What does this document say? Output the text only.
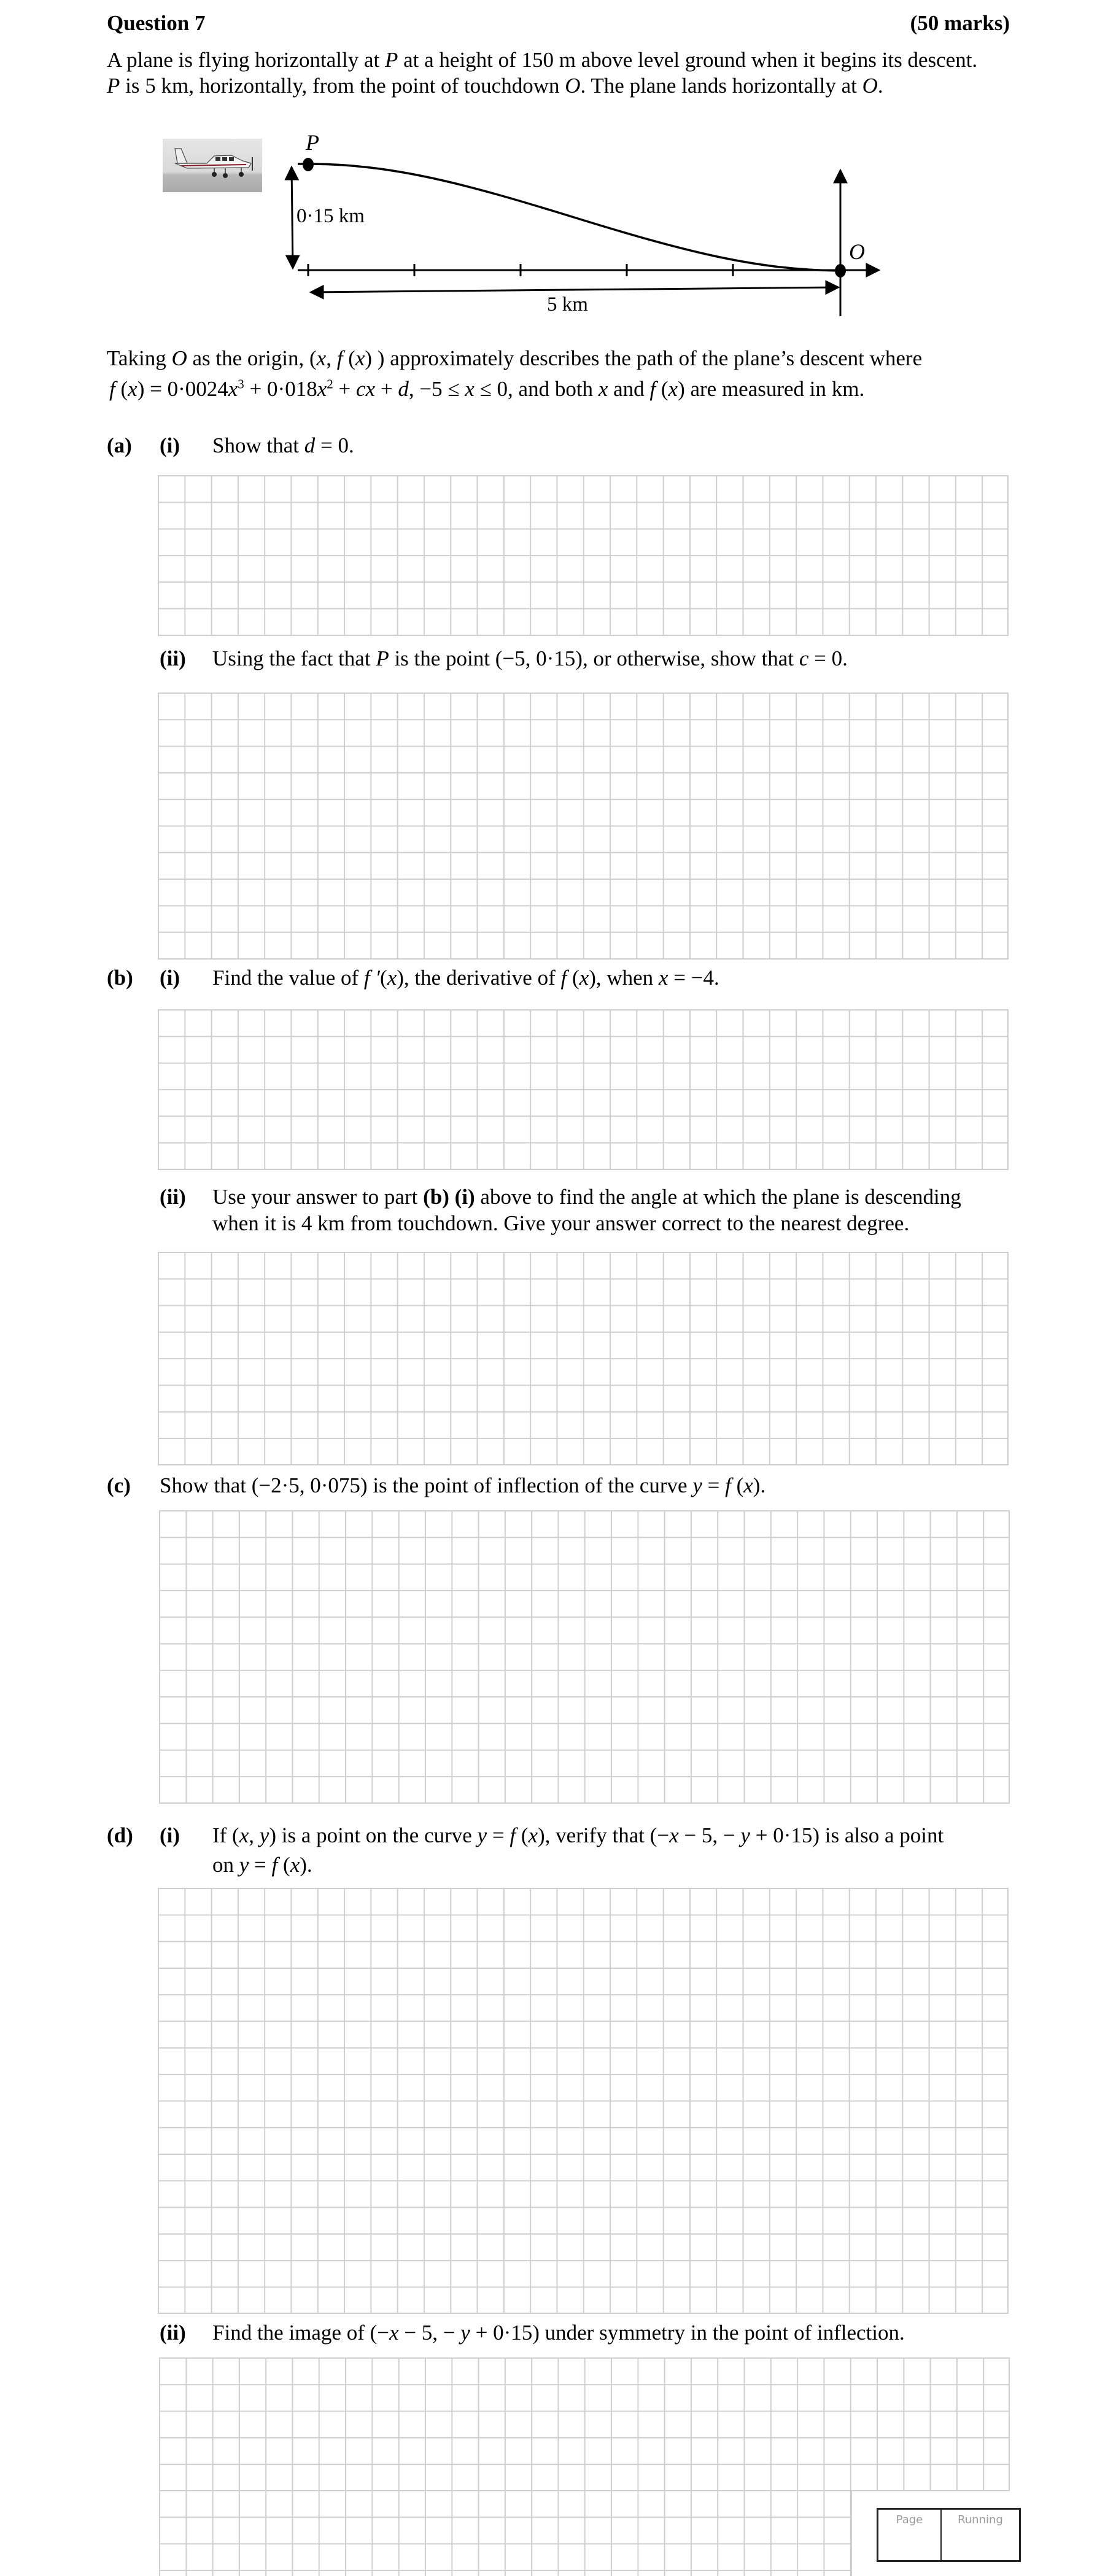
Question 7	(50 marks)
A plane is flying horizontally at P at a height of 150 m above level ground when it begins its descent.
P is 5 km, horizontally, from the point of touchdown O. The plane lands horizontally at O.
P
O
0·15 km
5 km
Taking O as the origin, (x, f (x) ) approximately describes the path of the plane’s descent where
f $(x) = 0\cdot 0024x^3 + 0\cdot 018x^2$ + cx + d, −5 ≤ x ≤ 0, and both x and f (x) are measured in km.
(a) (i) Show that d = 0.
(ii) Using the fact that P is the point (−5, 0·15), or otherwise, show that c = 0.
(b) (i) Find the value of f ′(x), the derivative of f (x), when x = −4.
(ii) Use your answer to part (b) (i) above to find the angle at which the plane is descending
when it is 4 km from touchdown. Give your answer correct to the nearest degree.
(c) Show that (−2·5, 0·075) is the point of inflection of the curve y = f (x).
(d) (i) If (x, y) is a point on the curve y = f (x), verify that (−x − 5, − y + 0·15) is also a point
on y = f (x).
(ii) Find the image of (−x − 5, − y + 0·15) under symmetry in the point of inflection.
Page	Running
